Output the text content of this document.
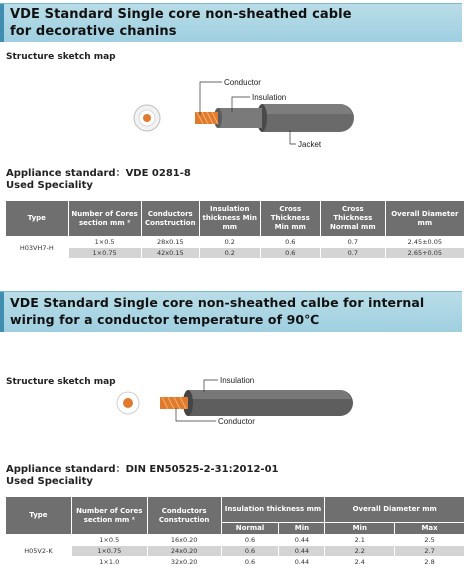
VDE Standard Single core non-sheathed cable
for decorative chanins
Structure sketch map
Conductor
Insulation
Jacket
Appliance standard：VDE 0281-8
Used Speciality
Type	Number of Cores section mm ²	Conductors Construction	Insulation thickness Min mm	Cross Thickness Min mm	Cross Thickness Normal mm	Overall Diameter mm
H03VH7-H	1×0.5	28x0.15	0.2	0.6	0.7	2.45±0.05
	1×0.75	42x0.15	0.2	0.6	0.7	2.65+0.05
VDE Standard Single core non-sheathed calbe for internal
wiring for a conductor temperature of 90℃
Structure sketch map	Insulation
Conductor
Appliance standard：DIN EN50525-2-31:2012-01
Used Speciality
Type	Number of Cores section mm ²	Conductors Construction	Insulation thickness mm		Overall Diameter mm	
			Normal	Min	Min	Max
H05V2-K	1×0.5	16x0.20	0.6	0.44	2.1	2.5
	1×0.75	24x0.20	0.6	0.44	2.2	2.7
	1×1.0	32x0.20	0.6	0.44	2.4	2.8
